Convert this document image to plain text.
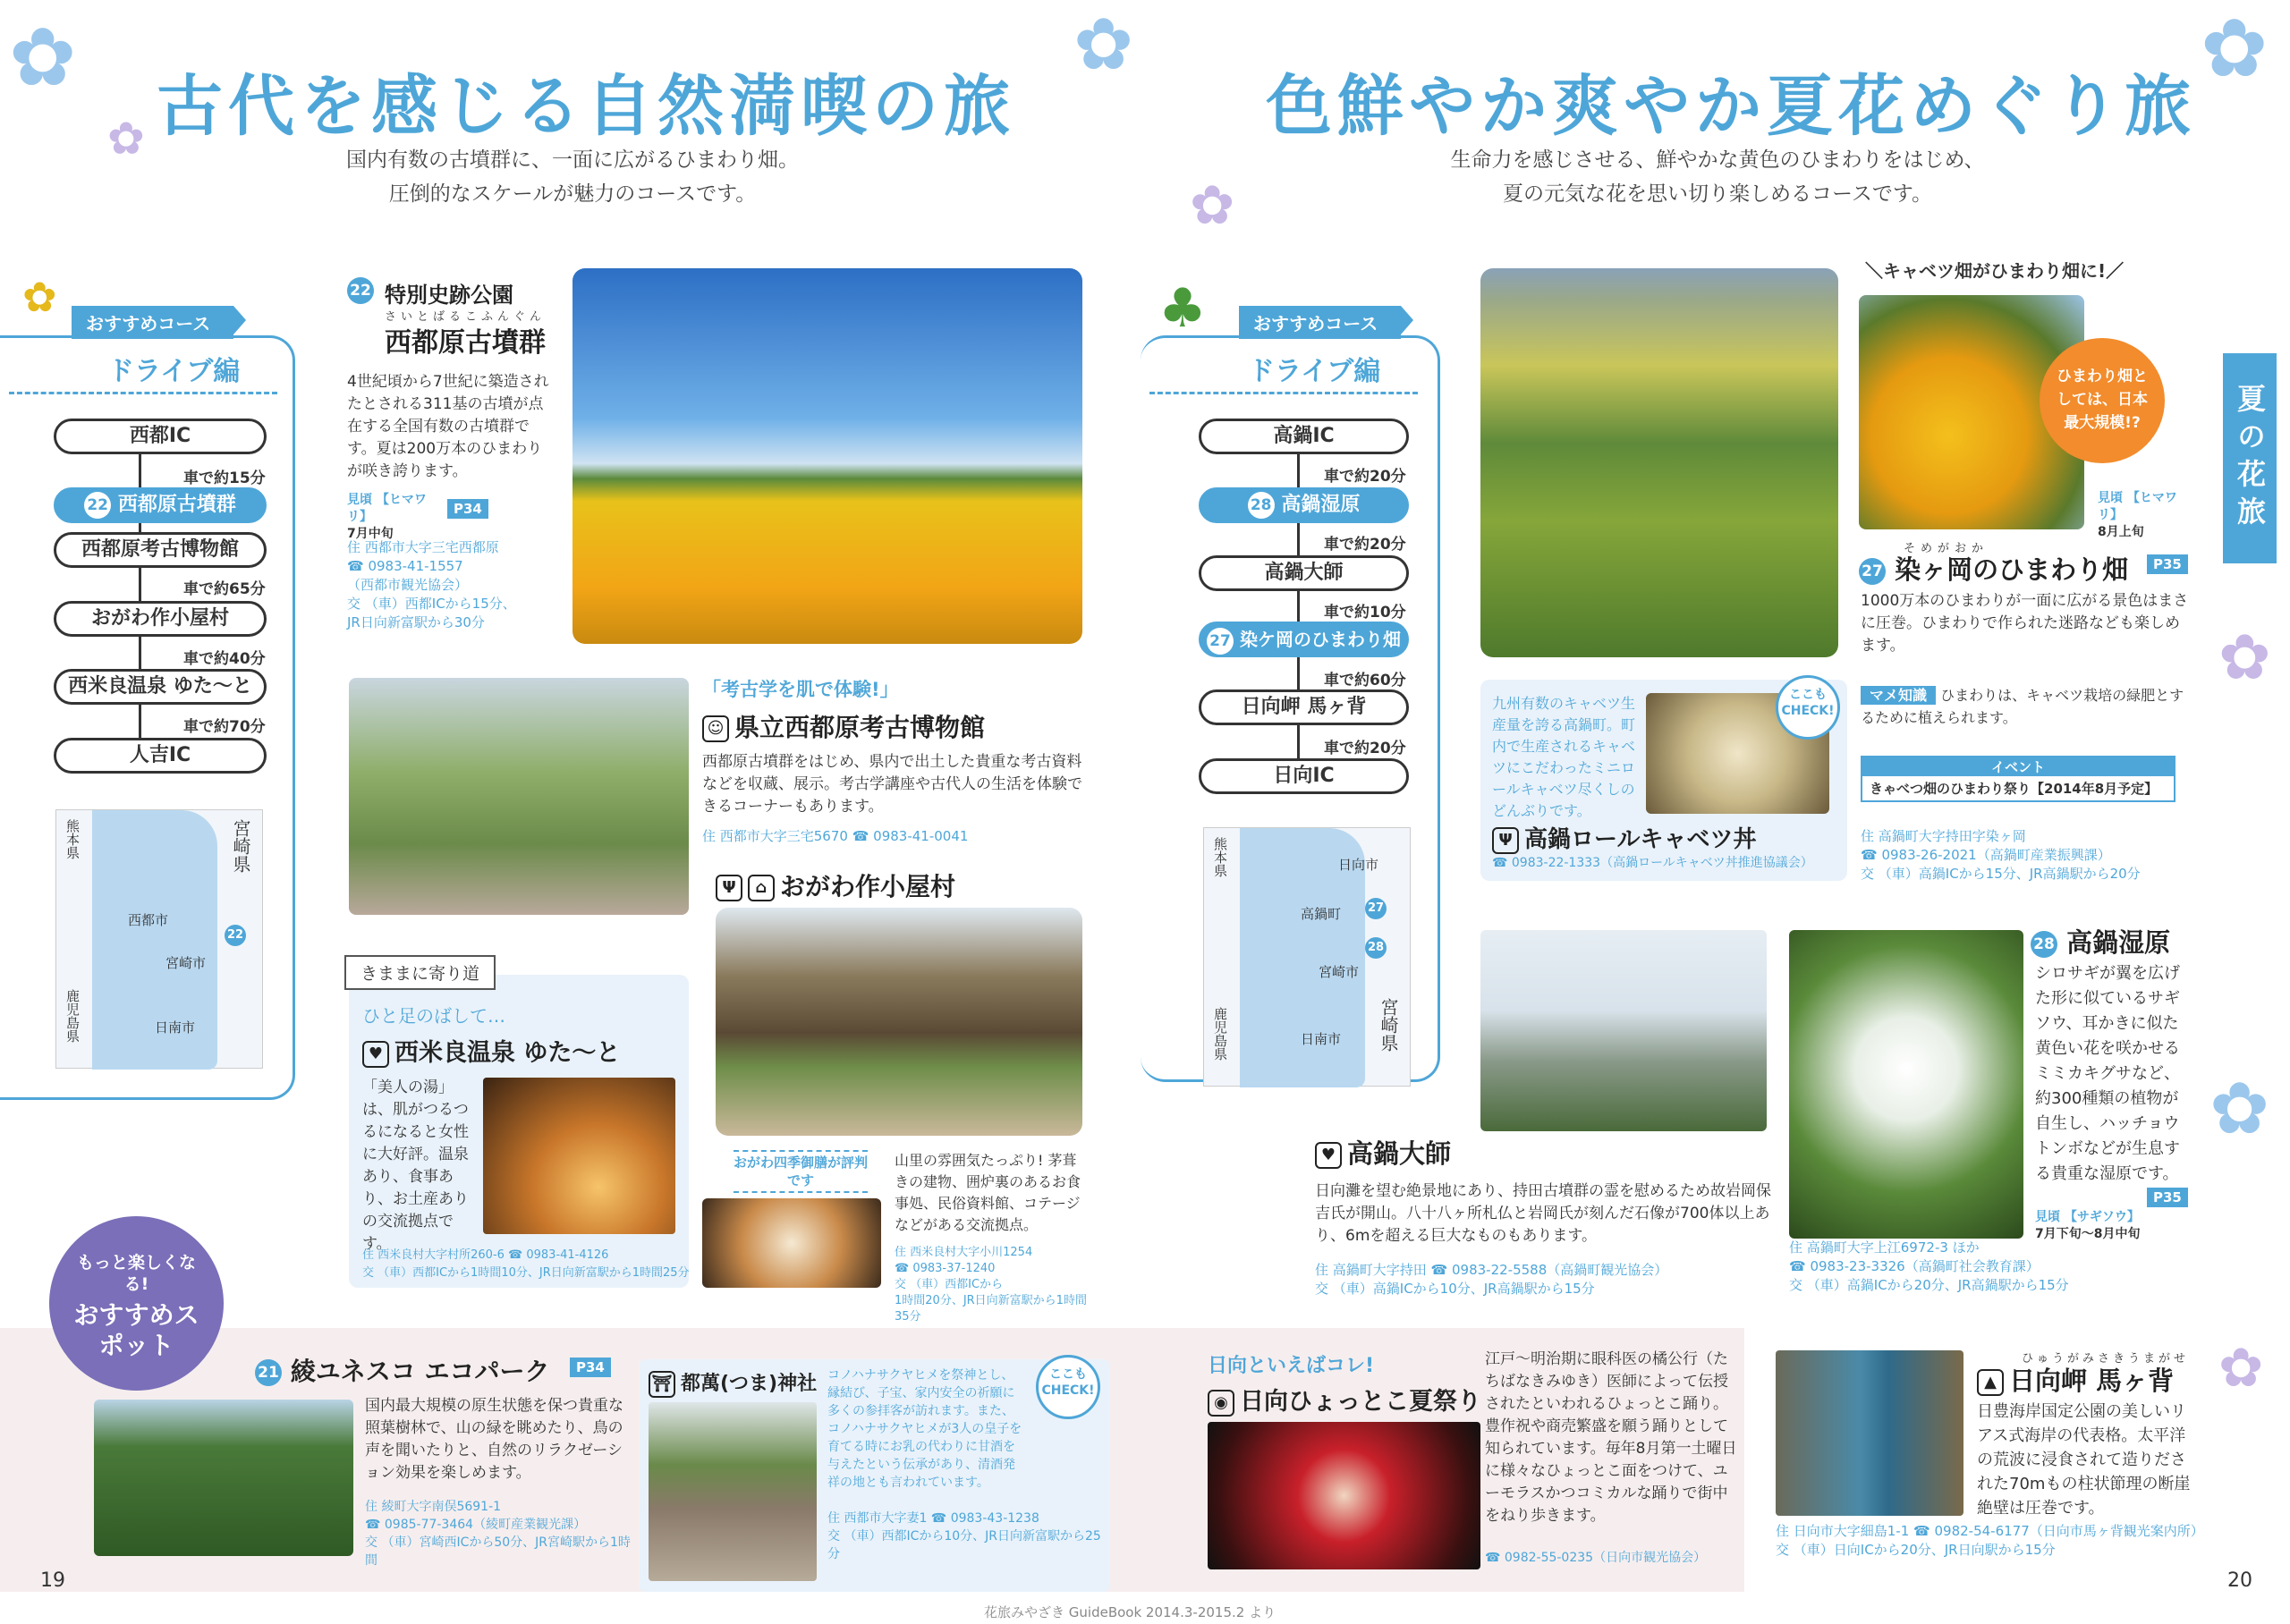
✿
✿
✿
✿
✿
✿
✿
✿
古代を感じる自然満喫の旅
国内有数の古墳群に、一面に広がるひまわり畑。
圧倒的なスケールが魅力のコースです。
✿
おすすめコース
ドライブ編
西都IC
車で約15分
22 西都原古墳群
西都原考古博物館
車で約65分
おがわ作小屋村
車で約40分
西米良温泉 ゆた～と
車で約70分
人吉IC
熊本県	宮崎県
鹿児島県
西都市
宮崎市
日南市
22
22 特別史跡公園
さいとばるこふんぐん
西都原古墳群
4世紀頃から7世紀に築造されたとされる311基の古墳が点在する全国有数の古墳群です。夏は200万本のひまわりが咲き誇ります。
見頃 【ヒマワリ】
7月中旬
P34
住 西都市大字三宅西都原
☎ 0983-41-1557
（西都市観光協会）
交 （車）西都ICから15分、
JR日向新富駅から30分
「考古学を肌で体験!」
☺ 県立西都原考古博物館
西都原古墳群をはじめ、県内で出土した貴重な考古資料などを収蔵、展示。考古学講座や古代人の生活を体験できるコーナーもあります。
住 西都市大字三宅5670 ☎ 0983-41-0041
Ψ ⌂ おがわ作小屋村
おがわ四季御膳が評判です
山里の雰囲気たっぷり! 茅葺きの建物、囲炉裏のあるお食事処、民俗資料館、コテージなどがある交流拠点。
住 西米良村大字小川1254
☎ 0983-37-1240
交 （車）西都ICから
1時間20分、JR日向新富駅から1時間35分
きままに寄り道
ひと足のばして…
♥ 西米良温泉 ゆた～と
「美人の湯」は、肌がつるつるになると女性に大好評。温泉あり、食事あり、お土産ありの交流拠点です。
住 西米良村大字村所260-6 ☎ 0983-41-4126
交 （車）西都ICから1時間10分、JR日向新富駅から1時間25分
色鮮やか爽やか夏花めぐり旅
生命力を感じさせる、鮮やかな黄色のひまわりをはじめ、
夏の元気な花を思い切り楽しめるコースです。
夏の花旅
♣	おすすめコース
ドライブ編
高鍋IC
車で約20分
28 高鍋湿原
車で約20分
高鍋大師
車で約10分
27 染ケ岡のひまわり畑
車で約60分
日向岬 馬ヶ背
車で約20分
日向IC
熊本県
宮崎県
鹿児島県
日向市
高鍋町
宮崎市
日南市
27
28
＼キャベツ畑がひまわり畑に!／
ひまわり畑としては、日本最大規模!?
見頃 【ヒマワリ】
8月上旬
そめがおか
27 染ヶ岡のひまわり畑	P35
1000万本のひまわりが一面に広がる景色はまさに圧巻。ひまわりで作られた迷路なども楽しめます。
マメ知識 ひまわりは、キャベツ栽培の緑肥とするために植えられます。
イベント
きゃべつ畑のひまわり祭り【2014年8月予定】
住 高鍋町大字持田字染ヶ岡
☎ 0983-26-2021（高鍋町産業振興課）
交 （車）高鍋ICから15分、JR高鍋駅から20分
九州有数のキャベツ生産量を誇る高鍋町。町内で生産されるキャベツにこだわったミニロールキャベツ尽くしのどんぶりです。
ここもCHECK!
Ψ 高鍋ロールキャベツ丼
☎ 0983-22-1333（高鍋ロールキャベツ丼推進協議会）
♥ 高鍋大師
日向灘を望む絶景地にあり、持田古墳群の霊を慰めるため故岩岡保吉氏が開山。八十八ヶ所札仏と岩岡氏が刻んだ石像が700体以上あり、6mを超える巨大なものもあります。
住 高鍋町大字持田 ☎ 0983-22-5588（高鍋町観光協会）
交 （車）高鍋ICから10分、JR高鍋駅から15分
28 高鍋湿原
シロサギが翼を広げた形に似ているサギソウ、耳かきに似た黄色い花を咲かせるミミカキグサなど、約300種類の植物が自生し、ハッチョウトンボなどが生息する貴重な湿原です。
P35
見頃 【サギソウ】
7月下旬～8月中旬
住 高鍋町大字上江6972-3 ほか
☎ 0983-23-3326（高鍋町社会教育課）
交 （車）高鍋ICから20分、JR高鍋駅から15分
もっと楽しくなる!
おすすめスポット
21 綾ユネスコ エコパーク	P34
国内最大規模の原生状態を保つ貴重な照葉樹林で、山の緑を眺めたり、鳥の声を聞いたりと、自然のリラクゼーション効果を楽しめます。
住 綾町大字南俣5691-1
☎ 0985-77-3464（綾町産業観光課）
交 （車）宮崎西ICから50分、JR宮崎駅から1時間
⛩ 都萬(つま)神社 コノハナサクヤヒメを祭神とし、縁結び、子宝、家内安全の祈願に多くの参拝客が訪れます。また、コノハナサクヤヒメが3人の皇子を育てる時にお乳の代わりに甘酒を与えたという伝承があり、清酒発祥の地とも言われています。
ここもCHECK!
住 西都市大字妻1 ☎ 0983-43-1238
交 （車）西都ICから10分、JR日向新富駅から25分
日向といえばコレ!
◉ 日向ひょっとこ夏祭り
江戸～明治期に眼科医の橘公行（たちばなきみゆき）医師によって伝授されたといわれるひょっとこ踊り。豊作祝や商売繁盛を願う踊りとして知られています。毎年8月第一土曜日に様々なひょっとこ面をつけて、ユーモラスかつコミカルな踊りで街中をねり歩きます。
☎ 0982-55-0235（日向市観光協会）
ひゅうがみさきうまがせ
▲ 日向岬 馬ヶ背
日豊海岸国定公園の美しいリアス式海岸の代表格。太平洋の荒波に浸食されて造りだされた70mもの柱状節理の断崖絶壁は圧巻です。
住 日向市大字細島1-1 ☎ 0982-54-6177（日向市馬ヶ背観光案内所）
交 （車）日向ICから20分、JR日向駅から15分
19	20
花旅みやざき GuideBook 2014.3-2015.2 より
